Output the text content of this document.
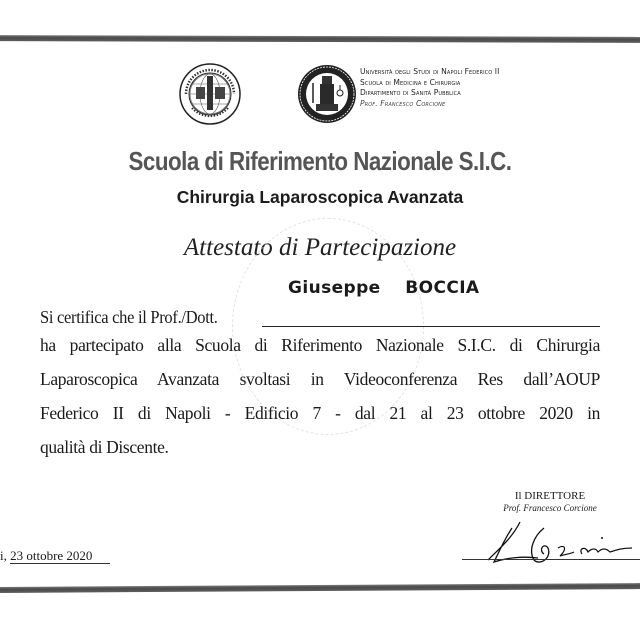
Università degli Studi di Napoli Federico II
Scuola di Medicina e Chirurgia
Dipartimento di Sanità Pubblica
Prof. Francesco Corcione
Scuola di Riferimento Nazionale S.I.C.
Chirurgia Laparoscopica Avanzata
Attestato di Partecipazione
Si certifica che il Prof./Dott.
Giuseppe  BOCCIA
ha partecipato alla Scuola di Riferimento Nazionale S.I.C. di Chirurgia
Laparoscopica Avanzata svoltasi in Videoconferenza Res dall’AOUP
Federico II di Napoli - Edificio 7 - dal 21 al 23 ottobre 2020 in
qualità di Discente.
Il DIRETTORE
Prof. Francesco Corcione
i, 23 ottobre 2020
